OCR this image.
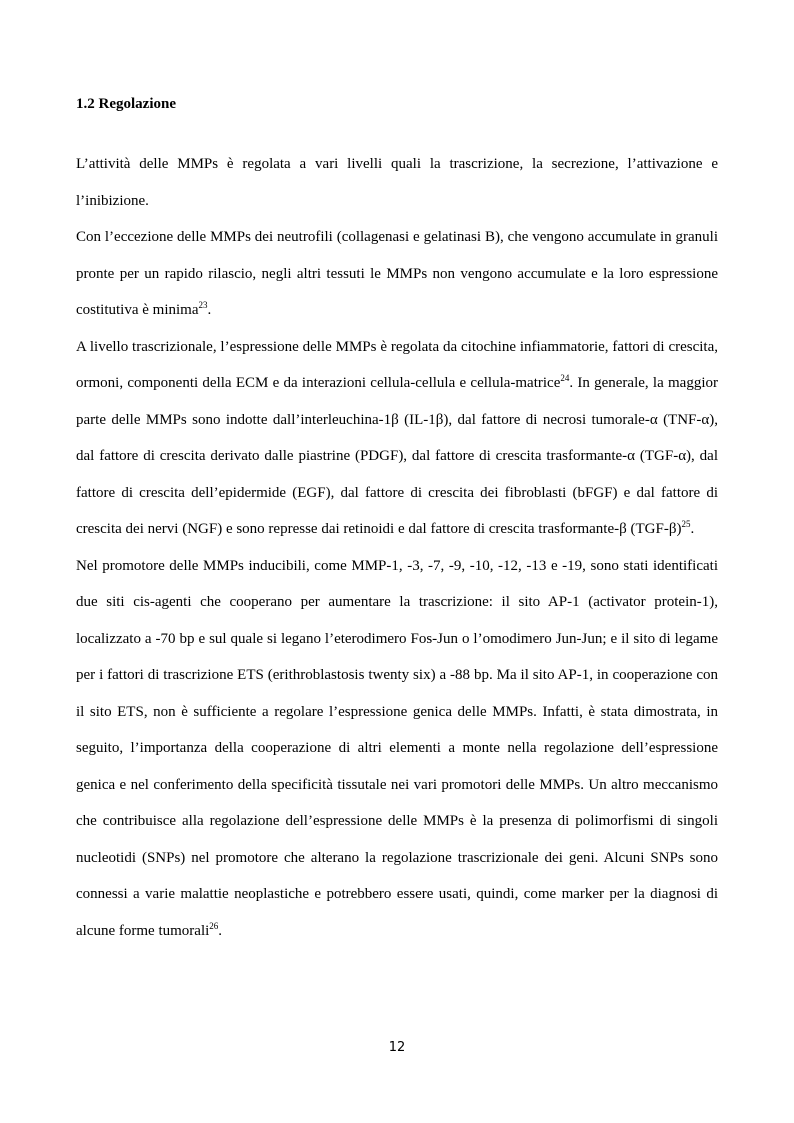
1.2 Regolazione

L’attività delle MMPs è regolata a vari livelli quali la trascrizione, la secrezione, l’attivazione e l’inibizione.

Con l’eccezione delle MMPs dei neutrofili (collagenasi e gelatinasi B), che vengono accumulate in granuli pronte per un rapido rilascio, negli altri tessuti le MMPs non vengono accumulate e la loro espressione costitutiva è minima$^{23}$.

A livello trascrizionale, l’espressione delle MMPs è regolata da citochine infiammatorie, fattori di crescita, ormoni, componenti della ECM e da interazioni cellula-cellula e cellula-matrice$^{24}$. In generale, la maggior parte delle MMPs sono indotte dall’interleuchina-1β (IL-1β), dal fattore di necrosi tumorale-α (TNF-α), dal fattore di crescita derivato dalle piastrine (PDGF), dal fattore di crescita trasformante-α (TGF-α), dal fattore di crescita dell’epidermide (EGF), dal fattore di crescita dei fibroblasti (bFGF) e dal fattore di crescita dei nervi (NGF) e sono represse dai retinoidi e dal fattore di crescita trasformante-β $(TGF-\beta)^{25}$.

Nel promotore delle MMPs inducibili, come MMP-1, -3, -7, -9, -10, -12, -13 e -19, sono stati identificati due siti cis-agenti che cooperano per aumentare la trascrizione: il sito AP-1 (activator protein-1), localizzato a -70 bp e sul quale si legano l’eterodimero Fos-Jun o l’omodimero Jun-Jun; e il sito di legame per i fattori di trascrizione ETS (erithroblastosis twenty six) a -88 bp. Ma il sito AP-1, in cooperazione con il sito ETS, non è sufficiente a regolare l’espressione genica delle MMPs. Infatti, è stata dimostrata, in seguito, l’importanza della cooperazione di altri elementi a monte nella regolazione dell’espressione genica e nel conferimento della specificità tissutale nei vari promotori delle MMPs. Un altro meccanismo che contribuisce alla regolazione dell’espressione delle MMPs è la presenza di polimorfismi di singoli nucleotidi (SNPs) nel promotore che alterano la regolazione trascrizionale dei geni. Alcuni SNPs sono connessi a varie malattie neoplastiche e potrebbero essere usati, quindi, come marker per la diagnosi di alcune forme tumorali$^{26}$.

12
